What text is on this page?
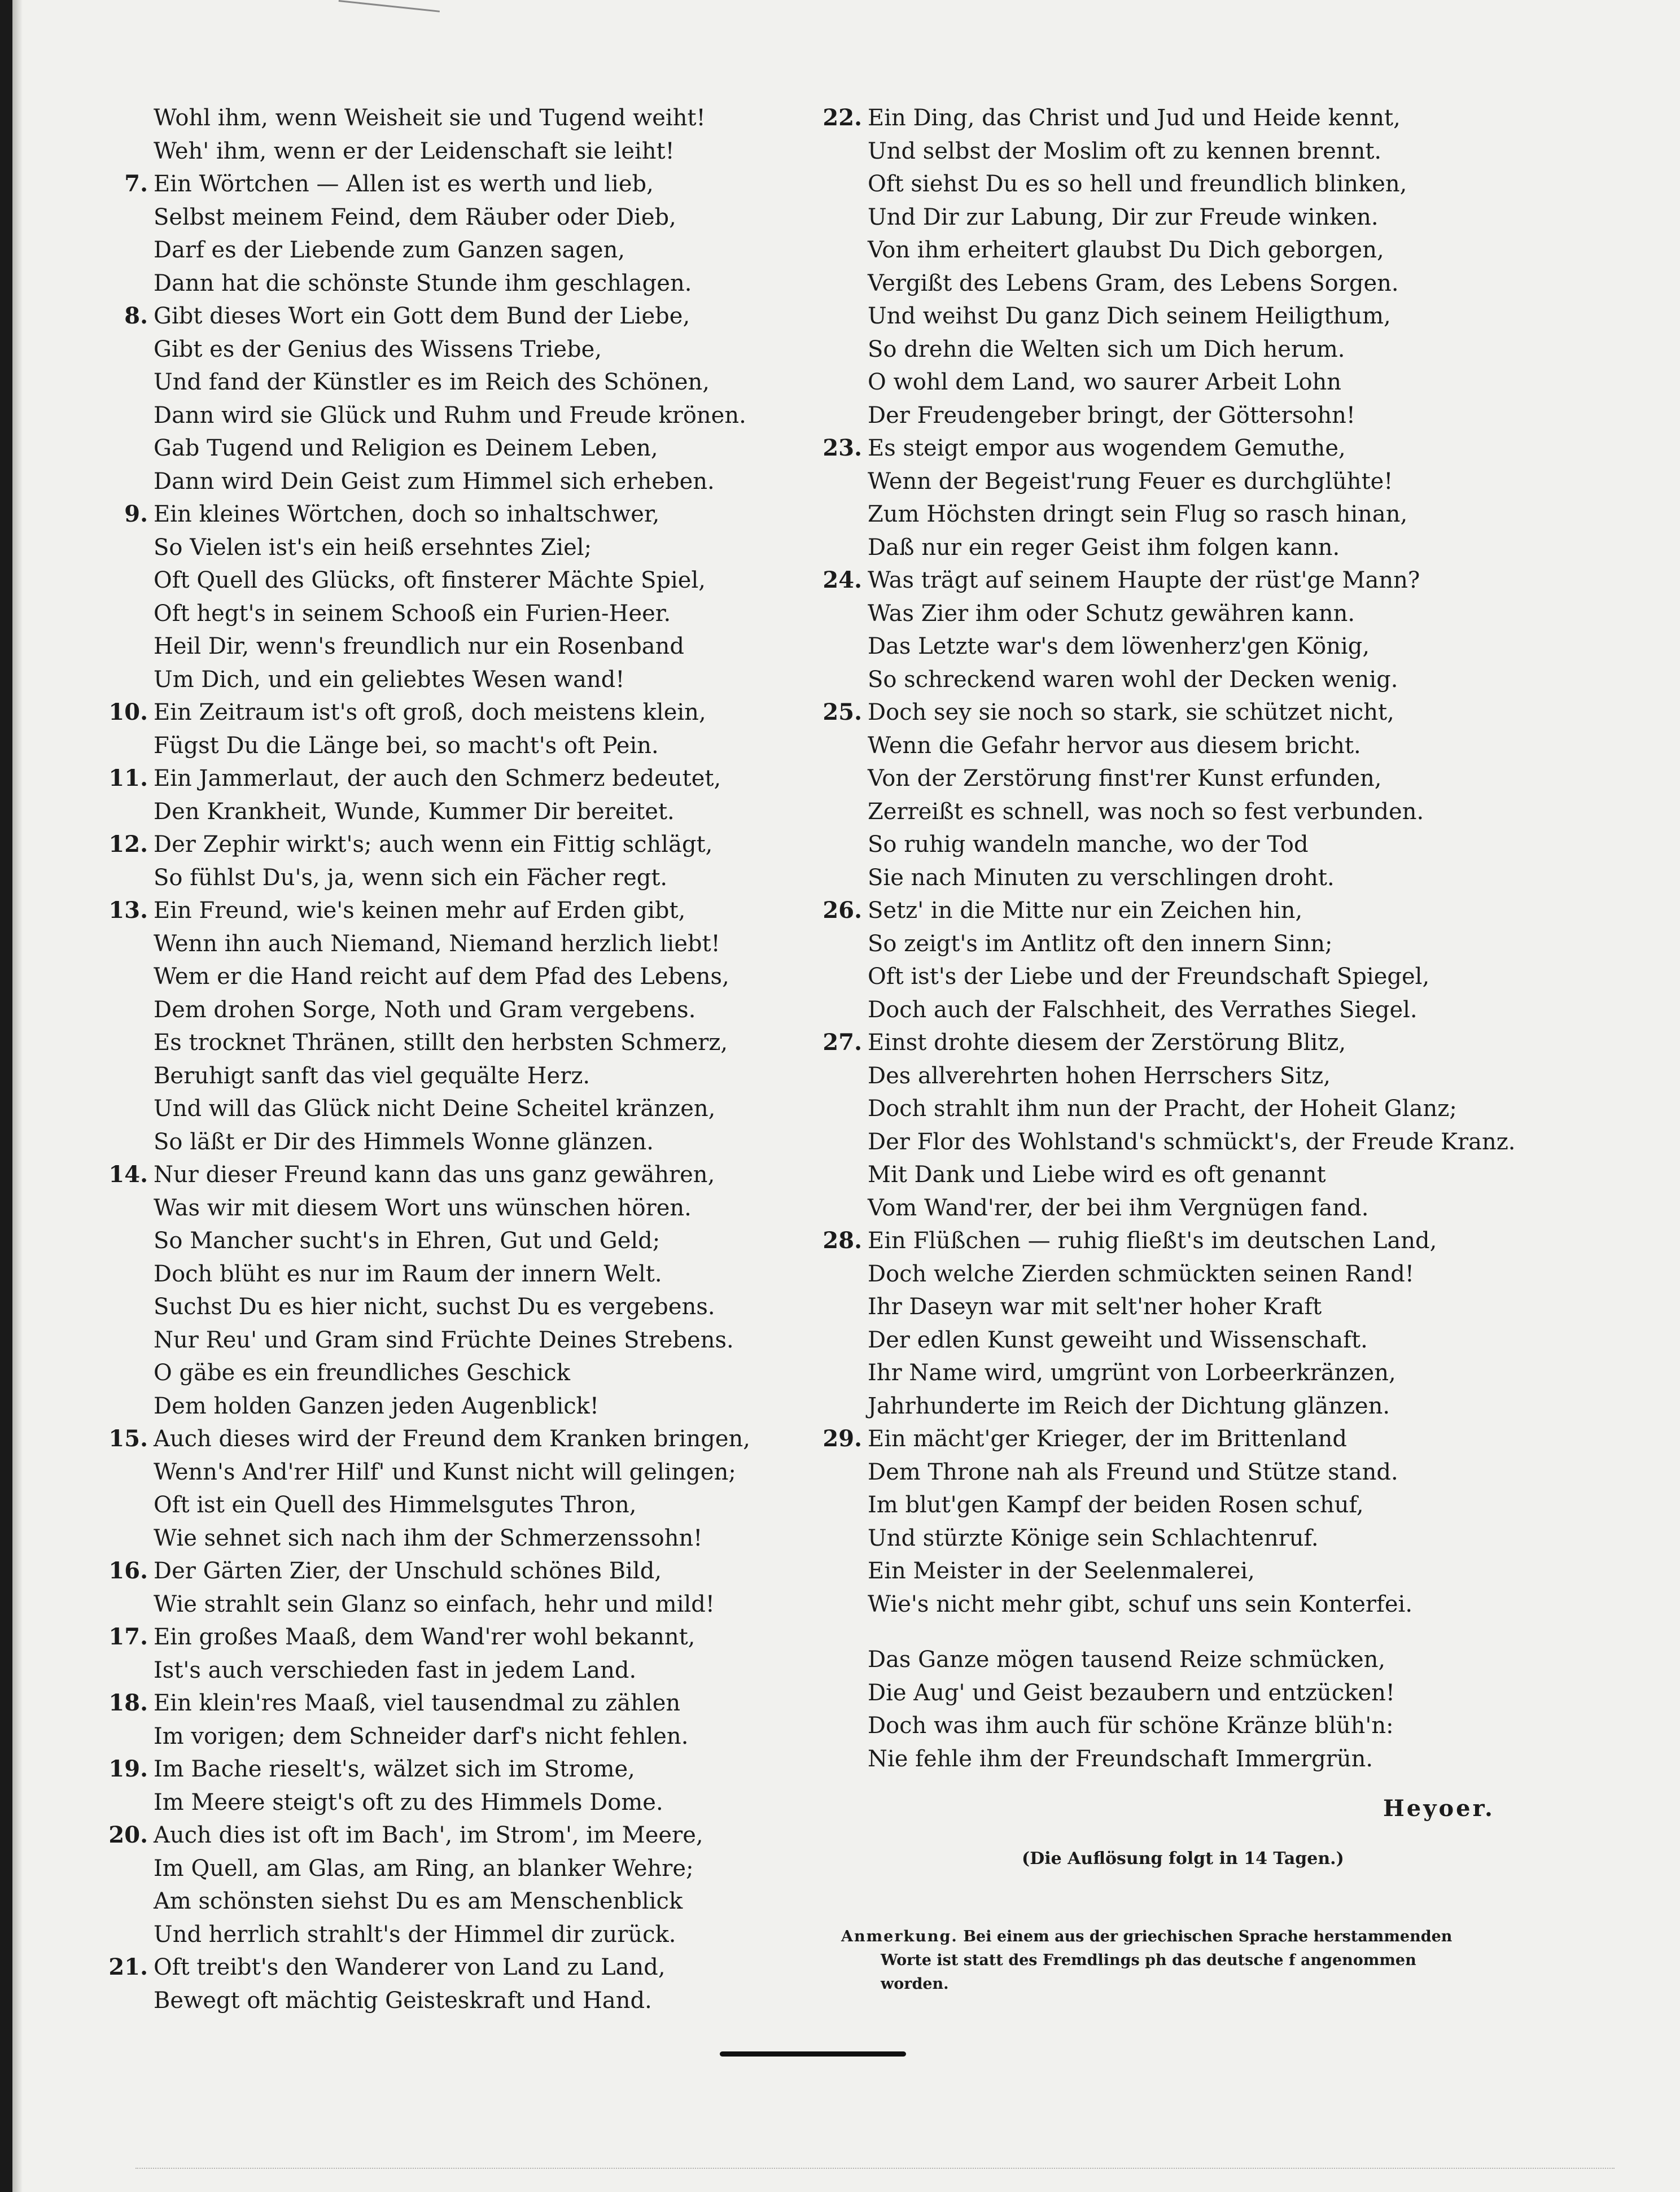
Wohl ihm, wenn Weisheit sie und Tugend weiht!
Weh' ihm, wenn er der Leidenschaft sie leiht!
7. Ein Wörtchen — Allen ist es werth und lieb,
Selbst meinem Feind, dem Räuber oder Dieb,
Darf es der Liebende zum Ganzen sagen,
Dann hat die schönste Stunde ihm geschlagen.
8. Gibt dieses Wort ein Gott dem Bund der Liebe,
Gibt es der Genius des Wissens Triebe,
Und fand der Künstler es im Reich des Schönen,
Dann wird sie Glück und Ruhm und Freude krönen.
Gab Tugend und Religion es Deinem Leben,
Dann wird Dein Geist zum Himmel sich erheben.
9. Ein kleines Wörtchen, doch so inhaltschwer,
So Vielen ist's ein heiß ersehntes Ziel;
Oft Quell des Glücks, oft finsterer Mächte Spiel,
Oft hegt's in seinem Schooß ein Furien-Heer.
Heil Dir, wenn's freundlich nur ein Rosenband
Um Dich, und ein geliebtes Wesen wand!
10. Ein Zeitraum ist's oft groß, doch meistens klein,
Fügst Du die Länge bei, so macht's oft Pein.
11. Ein Jammerlaut, der auch den Schmerz bedeutet,
Den Krankheit, Wunde, Kummer Dir bereitet.
12. Der Zephir wirkt's; auch wenn ein Fittig schlägt,
So fühlst Du's, ja, wenn sich ein Fächer regt.
13. Ein Freund, wie's keinen mehr auf Erden gibt,
Wenn ihn auch Niemand, Niemand herzlich liebt!
Wem er die Hand reicht auf dem Pfad des Lebens,
Dem drohen Sorge, Noth und Gram vergebens.
Es trocknet Thränen, stillt den herbsten Schmerz,
Beruhigt sanft das viel gequälte Herz.
Und will das Glück nicht Deine Scheitel kränzen,
So läßt er Dir des Himmels Wonne glänzen.
14. Nur dieser Freund kann das uns ganz gewähren,
Was wir mit diesem Wort uns wünschen hören.
So Mancher sucht's in Ehren, Gut und Geld;
Doch blüht es nur im Raum der innern Welt.
Suchst Du es hier nicht, suchst Du es vergebens.
Nur Reu' und Gram sind Früchte Deines Strebens.
O gäbe es ein freundliches Geschick
Dem holden Ganzen jeden Augenblick!
15. Auch dieses wird der Freund dem Kranken bringen,
Wenn's And'rer Hilf' und Kunst nicht will gelingen;
Oft ist ein Quell des Himmelsgutes Thron,
Wie sehnet sich nach ihm der Schmerzenssohn!
16. Der Gärten Zier, der Unschuld schönes Bild,
Wie strahlt sein Glanz so einfach, hehr und mild!
17. Ein großes Maaß, dem Wand'rer wohl bekannt,
Ist's auch verschieden fast in jedem Land.
18. Ein klein'res Maaß, viel tausendmal zu zählen
Im vorigen; dem Schneider darf's nicht fehlen.
19. Im Bache rieselt's, wälzet sich im Strome,
Im Meere steigt's oft zu des Himmels Dome.
20. Auch dies ist oft im Bach', im Strom', im Meere,
Im Quell, am Glas, am Ring, an blanker Wehre;
Am schönsten siehst Du es am Menschenblick
Und herrlich strahlt's der Himmel dir zurück.
21. Oft treibt's den Wanderer von Land zu Land,
Bewegt oft mächtig Geisteskraft und Hand.
22. Ein Ding, das Christ und Jud und Heide kennt,
Und selbst der Moslim oft zu kennen brennt.
Oft siehst Du es so hell und freundlich blinken,
Und Dir zur Labung, Dir zur Freude winken.
Von ihm erheitert glaubst Du Dich geborgen,
Vergißt des Lebens Gram, des Lebens Sorgen.
Und weihst Du ganz Dich seinem Heiligthum,
So drehn die Welten sich um Dich herum.
O wohl dem Land, wo saurer Arbeit Lohn
Der Freudengeber bringt, der Göttersohn!
23. Es steigt empor aus wogendem Gemuthe,
Wenn der Begeist'rung Feuer es durchglühte!
Zum Höchsten dringt sein Flug so rasch hinan,
Daß nur ein reger Geist ihm folgen kann.
24. Was trägt auf seinem Haupte der rüst'ge Mann?
Was Zier ihm oder Schutz gewähren kann.
Das Letzte war's dem löwenherz'gen König,
So schreckend waren wohl der Decken wenig.
25. Doch sey sie noch so stark, sie schützet nicht,
Wenn die Gefahr hervor aus diesem bricht.
Von der Zerstörung finst'rer Kunst erfunden,
Zerreißt es schnell, was noch so fest verbunden.
So ruhig wandeln manche, wo der Tod
Sie nach Minuten zu verschlingen droht.
26. Setz' in die Mitte nur ein Zeichen hin,
So zeigt's im Antlitz oft den innern Sinn;
Oft ist's der Liebe und der Freundschaft Spiegel,
Doch auch der Falschheit, des Verrathes Siegel.
27. Einst drohte diesem der Zerstörung Blitz,
Des allverehrten hohen Herrschers Sitz,
Doch strahlt ihm nun der Pracht, der Hoheit Glanz;
Der Flor des Wohlstand's schmückt's, der Freude Kranz.
Mit Dank und Liebe wird es oft genannt
Vom Wand'rer, der bei ihm Vergnügen fand.
28. Ein Flüßchen — ruhig fließt's im deutschen Land,
Doch welche Zierden schmückten seinen Rand!
Ihr Daseyn war mit selt'ner hoher Kraft
Der edlen Kunst geweiht und Wissenschaft.
Ihr Name wird, umgrünt von Lorbeerkränzen,
Jahrhunderte im Reich der Dichtung glänzen.
29. Ein mächt'ger Krieger, der im Brittenland
Dem Throne nah als Freund und Stütze stand.
Im blut'gen Kampf der beiden Rosen schuf,
Und stürzte Könige sein Schlachtenruf.
Ein Meister in der Seelenmalerei,
Wie's nicht mehr gibt, schuf uns sein Konterfei.
Das Ganze mögen tausend Reize schmücken,
Die Aug' und Geist bezaubern und entzücken!
Doch was ihm auch für schöne Kränze blüh'n:
Nie fehle ihm der Freundschaft Immergrün.
Heyoer.
(Die Auflösung folgt in 14 Tagen.)
Anmerkung. Bei einem aus der griechischen Sprache herstammenden
Worte ist statt des Fremdlings ph das deutsche f angenommen
worden.
